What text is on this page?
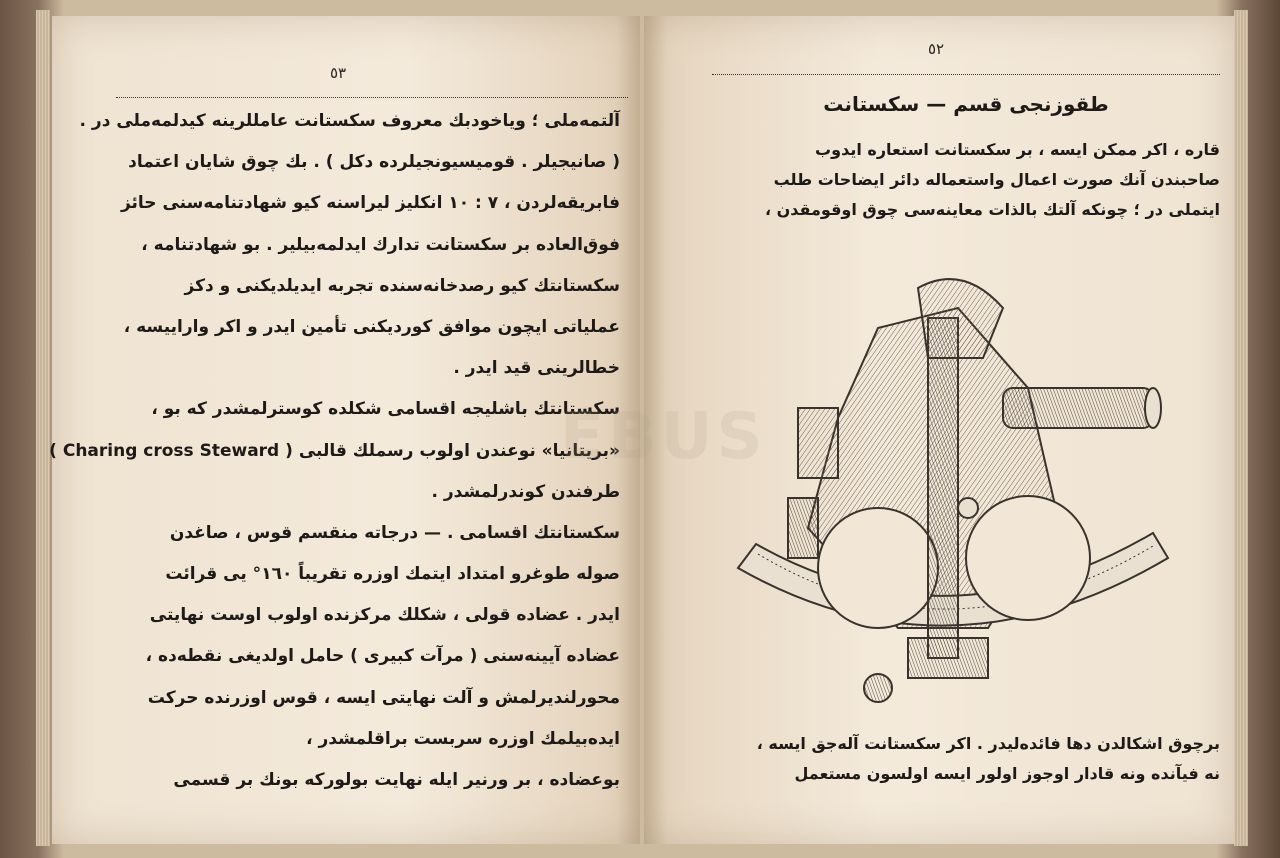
٥٣
آلتمه‌ملی ؛ ویاخودبك معروف سکستانت عامللرینه کیدلمه‌ملی در .
( صانیجیلر . قومیسیونجیلرده دکل ) . بك چوق شایان اعتماد
فابریقه‌لردن ، ٧ : ١٠ انکلیز لیراسنه کیو شهادتنامه‌سنی حائز
فوق‌العاده بر سکستانت تدارك ایدلمه‌بیلیر . بو شهادتنامه ،
سکستانتك کیو رصدخانه‌سنده تجربه ایدیلدیکنی و دکز
عملیاتی ایچون موافق کوردیکنی تأمین ایدر و اکر واراییسه ،
خطالرینی قید ایدر .
سکستانتك باشلیجه اقسامی شکلده کوسترلمشدر که بو ،
«بریتانیا» نوعندن اولوب رسملك قالبی ( Charing cross Steward )
طرفندن کوندرلمشدر .
سکستانتك اقسامی . — درجاته منقسم قوس ، صاغدن
صوله طوغرو امتداد ایتمك اوزره تقریباً ١٦٠° ‌یی قرائت
ایدر . عضاده قولی ، شکلك مرکزنده اولوب اوست نهایتی
عضاده آیینه‌سنی ( مرآت کبیری ) حامل اولدیغی نقطه‌ده ،
محورلندیرلمش و آلت نهایتی ایسه ، قوس اوزرنده حرکت
ایده‌بیلمك اوزره سربست براقلمشدر ،
بوعضاده ، بر ورنیر ایله نهایت بولورکه بونك بر قسمی
٥٢
طقوزنجی قسم — سکستانت
قاره ، اکر ممکن ایسه ، بر سکستانت استعاره ایدوب
صاحبندن آنك صورت اعمال واستعماله دائر ایضاحات طلب
ایتملی در ؛ چونکه آلتك بالذات معاینه‌سی چوق اوقومقدن ،
برچوق اشکالدن دها فائده‌لیدر . اکر سکستانت آله‌جق ایسه‌ ،
نه فیآنده ونه قادار اوجوز اولور ایسه اولسون مستعمل
EBUS
